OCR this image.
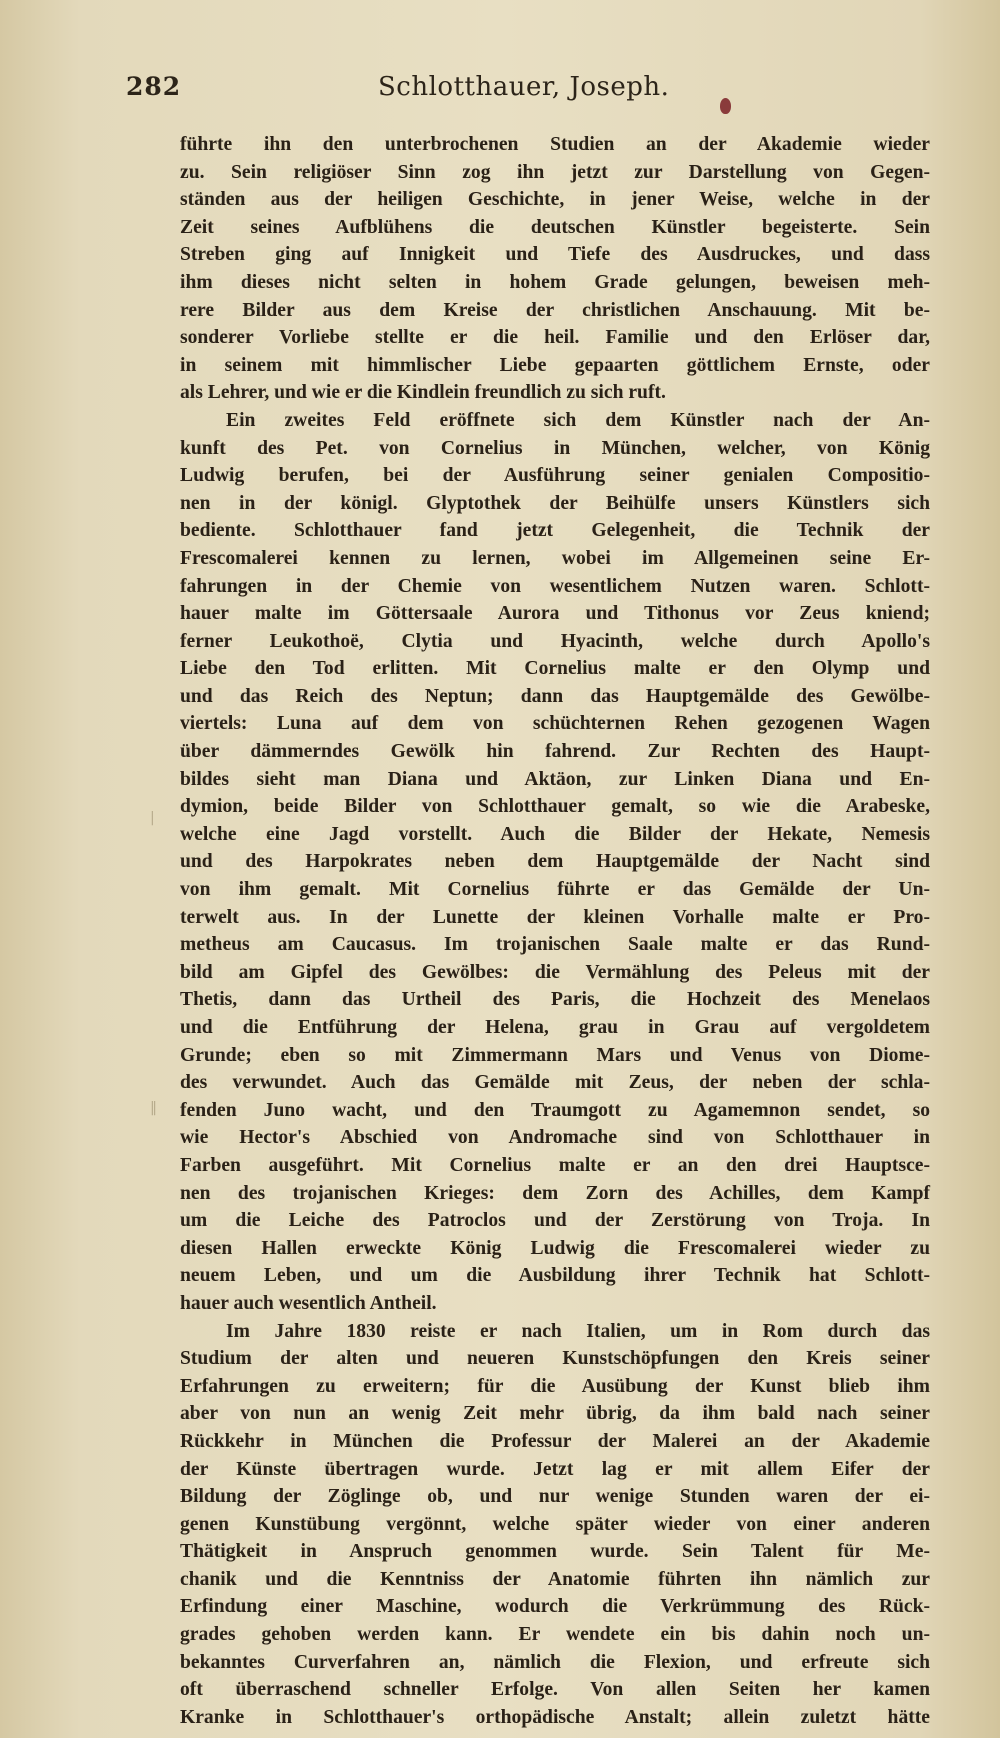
282	Schlotthauer, Joseph.
|
‖
führte ihn den unterbrochenen Studien an der Akademie wieder
zu. Sein religiöser Sinn zog ihn jetzt zur Darstellung von Gegen-
ständen aus der heiligen Geschichte, in jener Weise, welche in der
Zeit seines Aufblühens die deutschen Künstler begeisterte. Sein
Streben ging auf Innigkeit und Tiefe des Ausdruckes, und dass
ihm dieses nicht selten in hohem Grade gelungen, beweisen meh-
rere Bilder aus dem Kreise der christlichen Anschauung. Mit be-
sonderer Vorliebe stellte er die heil. Familie und den Erlöser dar,
in seinem mit himmlischer Liebe gepaarten göttlichem Ernste, oder
als Lehrer, und wie er die Kindlein freundlich zu sich ruft.
Ein zweites Feld eröffnete sich dem Künstler nach der An-
kunft des Pet. von Cornelius in München, welcher, von König
Ludwig berufen, bei der Ausführung seiner genialen Compositio-
nen in der königl. Glyptothek der Beihülfe unsers Künstlers sich
bediente. Schlotthauer fand jetzt Gelegenheit, die Technik der
Frescomalerei kennen zu lernen, wobei im Allgemeinen seine Er-
fahrungen in der Chemie von wesentlichem Nutzen waren. Schlott-
hauer malte im Göttersaale Aurora und Tithonus vor Zeus kniend;
ferner Leukothoë, Clytia und Hyacinth, welche durch Apollo's
Liebe den Tod erlitten. Mit Cornelius malte er den Olymp und
und das Reich des Neptun; dann das Hauptgemälde des Gewölbe-
viertels: Luna auf dem von schüchternen Rehen gezogenen Wagen
über dämmerndes Gewölk hin fahrend. Zur Rechten des Haupt-
bildes sieht man Diana und Aktäon, zur Linken Diana und En-
dymion, beide Bilder von Schlotthauer gemalt, so wie die Arabeske,
welche eine Jagd vorstellt. Auch die Bilder der Hekate, Nemesis
und des Harpokrates neben dem Hauptgemälde der Nacht sind
von ihm gemalt. Mit Cornelius führte er das Gemälde der Un-
terwelt aus. In der Lunette der kleinen Vorhalle malte er Pro-
metheus am Caucasus. Im trojanischen Saale malte er das Rund-
bild am Gipfel des Gewölbes: die Vermählung des Peleus mit der
Thetis, dann das Urtheil des Paris, die Hochzeit des Menelaos
und die Entführung der Helena, grau in Grau auf vergoldetem
Grunde; eben so mit Zimmermann Mars und Venus von Diome-
des verwundet. Auch das Gemälde mit Zeus, der neben der schla-
fenden Juno wacht, und den Traumgott zu Agamemnon sendet, so
wie Hector's Abschied von Andromache sind von Schlotthauer in
Farben ausgeführt. Mit Cornelius malte er an den drei Hauptsce-
nen des trojanischen Krieges: dem Zorn des Achilles, dem Kampf
um die Leiche des Patroclos und der Zerstörung von Troja. In
diesen Hallen erweckte König Ludwig die Frescomalerei wieder zu
neuem Leben, und um die Ausbildung ihrer Technik hat Schlott-
hauer auch wesentlich Antheil.
Im Jahre 1830 reiste er nach Italien, um in Rom durch das
Studium der alten und neueren Kunstschöpfungen den Kreis seiner
Erfahrungen zu erweitern; für die Ausübung der Kunst blieb ihm
aber von nun an wenig Zeit mehr übrig, da ihm bald nach seiner
Rückkehr in München die Professur der Malerei an der Akademie
der Künste übertragen wurde. Jetzt lag er mit allem Eifer der
Bildung der Zöglinge ob, und nur wenige Stunden waren der ei-
genen Kunstübung vergönnt, welche später wieder von einer anderen
Thätigkeit in Anspruch genommen wurde. Sein Talent für Me-
chanik und die Kenntniss der Anatomie führten ihn nämlich zur
Erfindung einer Maschine, wodurch die Verkrümmung des Rück-
grades gehoben werden kann. Er wendete ein bis dahin noch un-
bekanntes Curverfahren an, nämlich die Flexion, und erfreute sich
oft überraschend schneller Erfolge. Von allen Seiten her kamen
Kranke in Schlotthauer's orthopädische Anstalt; allein zuletzt hätte
